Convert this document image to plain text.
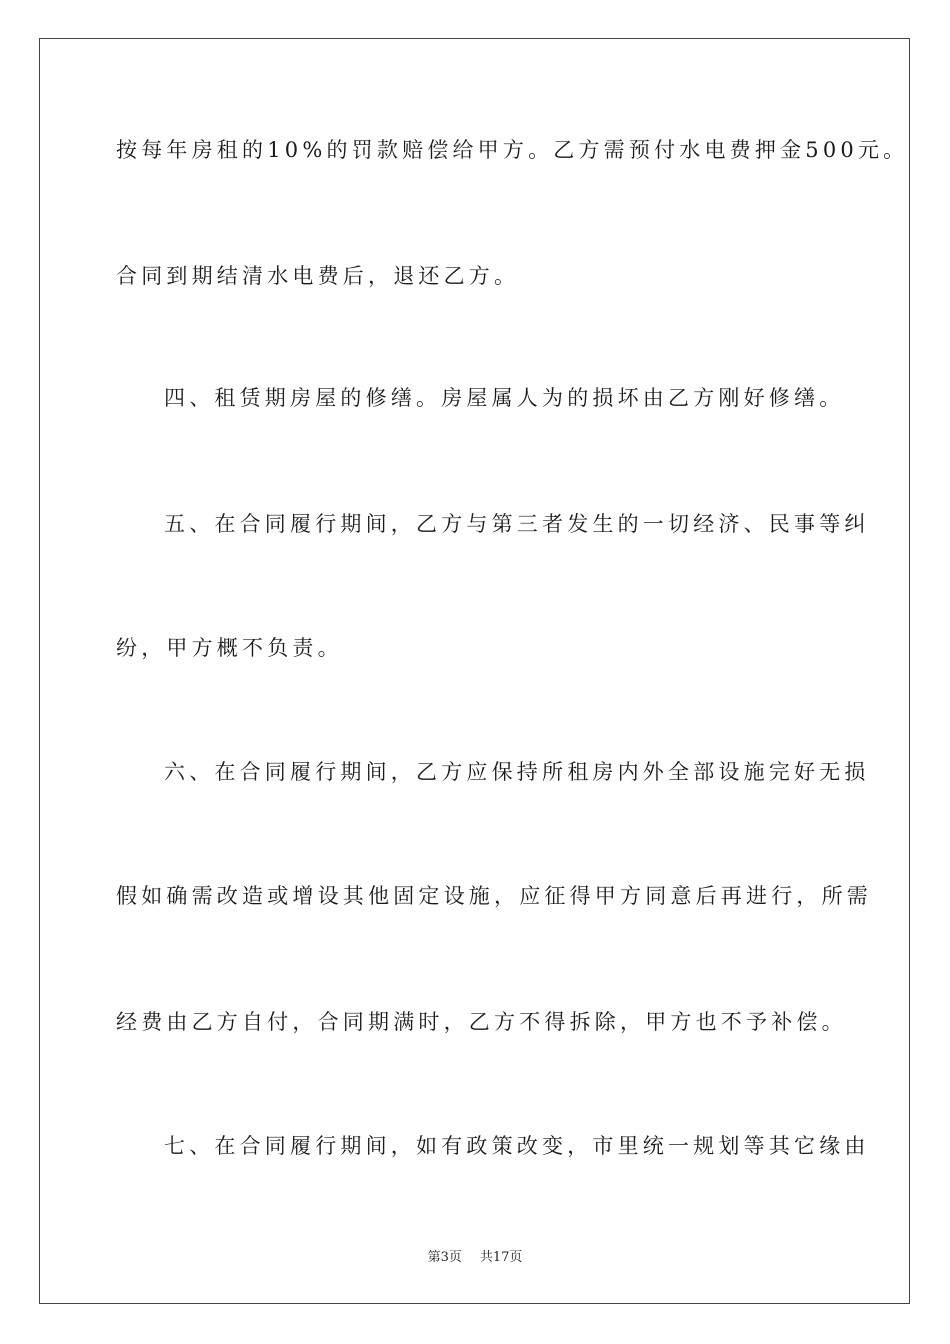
按每年房租的10%的罚款赔偿给甲方。乙方需预付水电费押金500元。
合同到期结清水电费后，退还乙方。
四、租赁期房屋的修缮。房屋属人为的损坏由乙方刚好修缮。
五、在合同履行期间，乙方与第三者发生的一切经济、民事等纠
纷，甲方概不负责。
六、在合同履行期间，乙方应保持所租房内外全部设施完好无损
假如确需改造或增设其他固定设施，应征得甲方同意后再进行，所需
经费由乙方自付，合同期满时，乙方不得拆除，甲方也不予补偿。
七、在合同履行期间，如有政策改变，市里统一规划等其它缘由
第3页 共17页
